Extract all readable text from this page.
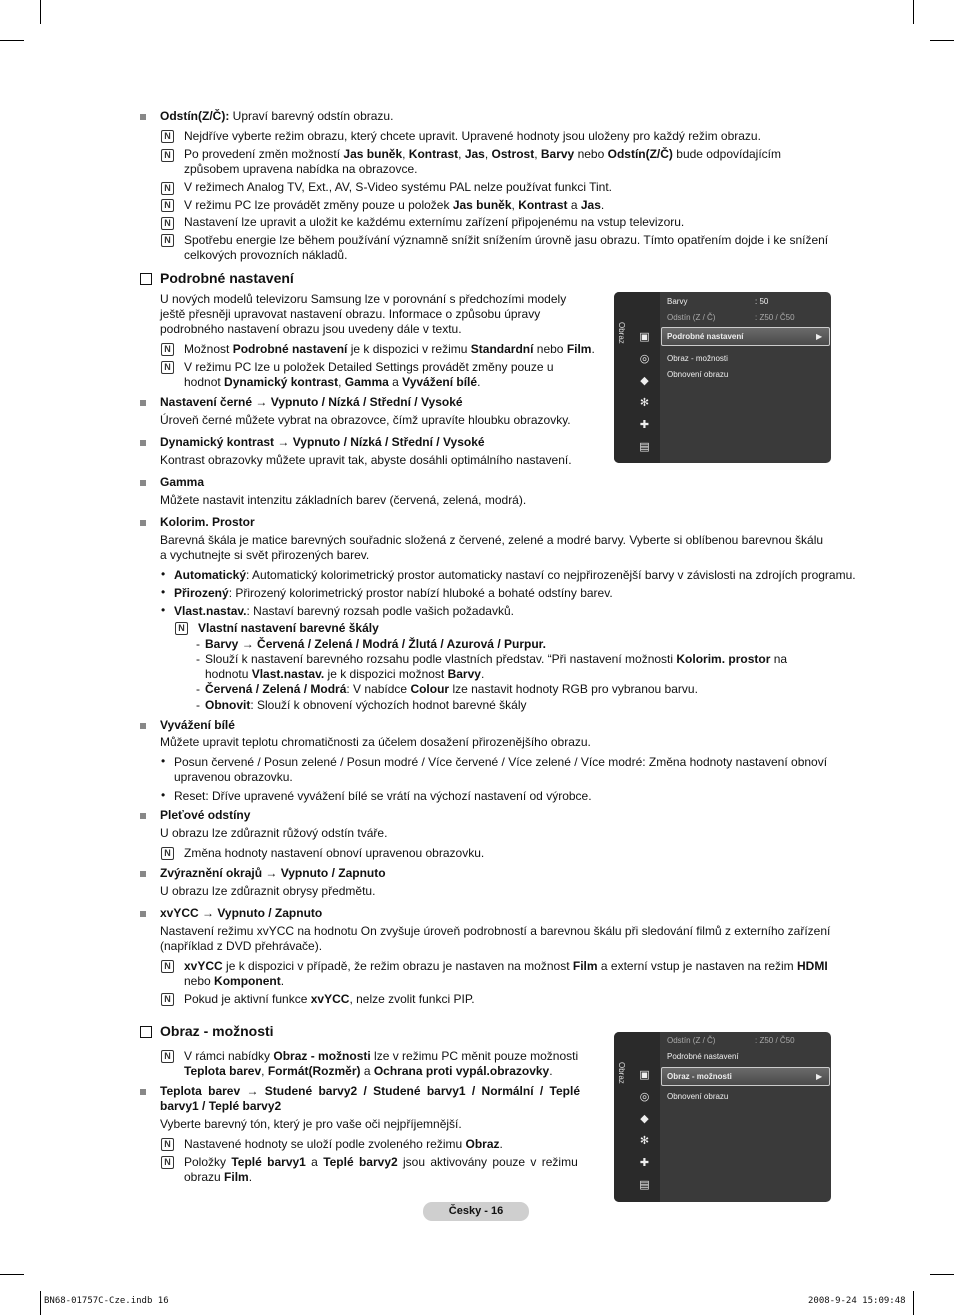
Odstín(Z/Č): Upraví barevný odstín obrazu.
N Nejdříve vyberte režim obrazu, který chcete upravit. Upravené hodnoty jsou uloženy pro každý režim obrazu.
N Po provedení změn možností Jas buněk, Kontrast, Jas, Ostrost, Barvy nebo Odstín(Z/Č) bude odpovídajícím
způsobem upravena nabídka na obrazovce.
N V režimech Analog TV, Ext., AV, S-Video systému PAL nelze používat funkci Tint.
N V režimu PC lze provádět změny pouze u položek Jas buněk, Kontrast a Jas.
N Nastavení lze upravit a uložit ke každému externímu zařízení připojenému na vstup televizoru.
N Spotřebu energie lze během používání významně snížit snížením úrovně jasu obrazu. Tímto opatřením dojde i ke snížení
celkových provozních nákladů.
Podrobné nastavení
U nových modelů televizoru Samsung lze v porovnání s předchozími modely
ještě přesněji upravovat nastavení obrazu. Informace o způsobu úpravy
podrobného nastavení obrazu jsou uvedeny dále v textu.
N Možnost Podrobné nastavení je k dispozici v režimu Standardní nebo Film.
N V režimu PC lze u položek Detailed Settings provádět změny pouze u
hodnot Dynamický kontrast, Gamma a Vyvážení bílé.
Obraz ▣
◎
◆
✻
✚
▤
Barvy	: 50
Odstín (Z / Č)	: Z50 / Č50
Podrobné nastavení	▶
Obraz - možnosti
Obnovení obrazu
Nastavení černé → Vypnuto / Nízká / Střední / Vysoké
Úroveň černé můžete vybrat na obrazovce, čímž upravíte hloubku obrazovky.
Dynamický kontrast → Vypnuto / Nízká / Střední / Vysoké
Kontrast obrazovky můžete upravit tak, abyste dosáhli optimálního nastavení.
Gamma
Můžete nastavit intenzitu základních barev (červená, zelená, modrá).
Kolorim. Prostor
Barevná škála je matice barevných souřadnic složená z červené, zelené a modré barvy. Vyberte si oblíbenou barevnou škálu
a vychutnejte si svět přirozených barev.
• Automatický: Automatický kolorimetrický prostor automaticky nastaví co nejpřirozenější barvy v závislosti na zdrojích programu.
• Přirozený: Přirozený kolorimetrický prostor nabízí hluboké a bohaté odstíny barev.
• Vlast.nastav.: Nastaví barevný rozsah podle vašich požadavků.
N Vlastní nastavení barevné škály
- Barvy → Červená / Zelená / Modrá / Žlutá / Azurová / Purpur.
- Slouží k nastavení barevného rozsahu podle vlastních představ. “Při nastavení možnosti Kolorim. prostor na
hodnotu Vlast.nastav. je k dispozici možnost Barvy.
- Červená / Zelená / Modrá: V nabídce Colour lze nastavit hodnoty RGB pro vybranou barvu.
- Obnovit: Slouží k obnovení výchozích hodnot barevné škály
Vyvážení bílé
Můžete upravit teplotu chromatičnosti za účelem dosažení přirozenějšího obrazu.
• Posun červené / Posun zelené / Posun modré / Více červené / Více zelené / Více modré: Změna hodnoty nastavení obnoví
upravenou obrazovku.
• Reset: Dříve upravené vyvážení bílé se vrátí na výchozí nastavení od výrobce.
Pleťové odstíny
U obrazu lze zdůraznit růžový odstín tváře.
N Změna hodnoty nastavení obnoví upravenou obrazovku.
Zvýraznění okrajů → Vypnuto / Zapnuto
U obrazu lze zdůraznit obrysy předmětu.
xvYCC → Vypnuto / Zapnuto
Nastavení režimu xvYCC na hodnotu On zvyšuje úroveň podrobností a barevnou škálu při sledování filmů z externího zařízení
(například z DVD přehrávače).
N xvYCC je k dispozici v případě, že režim obrazu je nastaven na možnost Film a externí vstup je nastaven na režim HDMI
nebo Komponent.
N Pokud je aktivní funkce xvYCC, nelze zvolit funkci PIP.
Obraz - možnosti
N V rámci nabídky Obraz - možnosti lze v režimu PC měnit pouze možnosti
Teplota barev, Formát(Rozměr) a Ochrana proti vypál.obrazovky.
Teplota barev → Studené barvy2 / Studené barvy1 / Normální / Teplé
barvy1 / Teplé barvy2
Vyberte barevný tón, který je pro vaše oči nejpříjemnější.
N Nastavené hodnoty se uloží podle zvoleného režimu Obraz.
N Položky Teplé barvy1 a Teplé barvy2 jsou aktivovány pouze v režimu
obrazu Film.
Obraz ▣
◎
◆
✻
✚
▤
Odstín (Z / Č)	: Z50 / Č50
Podrobné nastavení
Obraz - možnosti	▶
Obnovení obrazu
Česky - 16
BN68-01757C-Cze.indb 16	2008-9-24 15:09:48
